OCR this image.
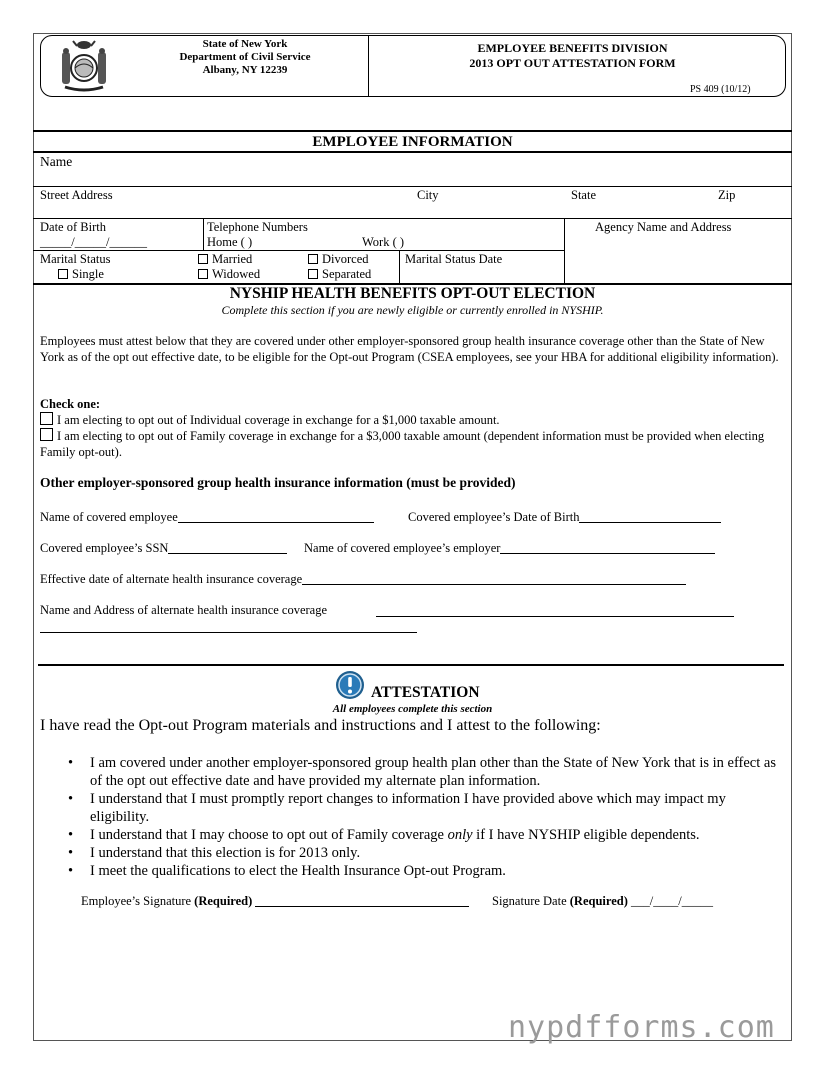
State of New York
Department of Civil Service
Albany, NY 12239
EMPLOYEE BENEFITS DIVISION
2013 OPT OUT ATTESTATION FORM
PS 409 (10/12)
EMPLOYEE INFORMATION
Name
Street Address	City	State	Zip
Date of Birth
_____/_____/______
Telephone Numbers
Home ( )	Work ( )
Agency Name and Address
Marital Status
Single
Married
Widowed
Divorced
Separated
Marital Status Date
NYSHIP HEALTH BENEFITS OPT-OUT ELECTION
Complete this section if you are newly eligible or currently enrolled in NYSHIP.
Employees must attest below that they are covered under other employer-sponsored group health insurance coverage other than the State of New York as of the opt out effective date, to be eligible for the Opt-out Program (CSEA employees, see your HBA for additional eligibility information).
Check one:
I am electing to opt out of Individual coverage in exchange for a $1,000 taxable amount.
I am electing to opt out of Family coverage in exchange for a $3,000 taxable amount (dependent information must be provided when electing Family opt-out).
Other employer-sponsored group health insurance information (must be provided)
Name of covered employee	Covered employee’s Date of Birth
Covered employee’s SSN	Name of covered employee’s employer
Effective date of alternate health insurance coverage
Name and Address of alternate health insurance coverage
ATTESTATION
All employees complete this section
I have read the Opt-out Program materials and instructions and I attest to the following:
• I am covered under another employer-sponsored group health plan other than the State of New York that is in effect as of the opt out effective date and have provided my alternate plan information.
• I understand that I must promptly report changes to information I have provided above which may impact my eligibility.
• I understand that I may choose to opt out of Family coverage only if I have NYSHIP eligible dependents.
• I understand that this election is for 2013 only.
• I meet the qualifications to elect the Health Insurance Opt-out Program.
Employee’s Signature (Required)	Signature Date (Required) ___/____/_____
nypdfforms.com
